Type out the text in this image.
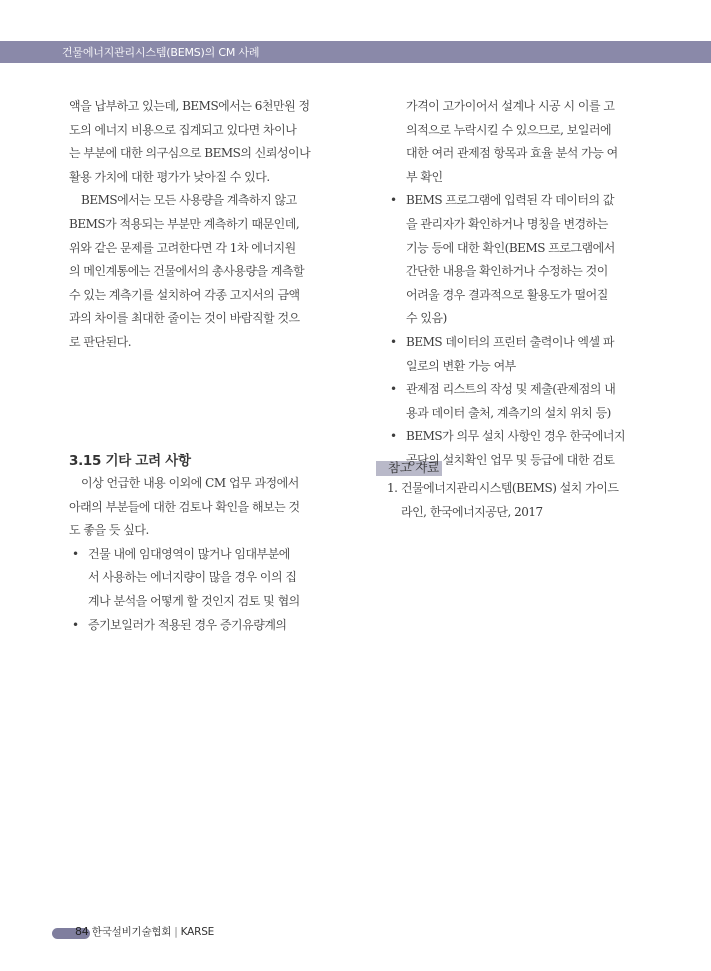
건물에너지관리시스템(BEMS)의 CM 사례

액을 납부하고 있는데, BEMS에서는 6천만원 정
도의 에너지 비용으로 집계되고 있다면 차이나
는 부분에 대한 의구심으로 BEMS의 신뢰성이나
활용 가치에 대한 평가가 낮아질 수 있다.

BEMS에서는 모든 사용량을 계측하지 않고
BEMS가 적용되는 부분만 계측하기 때문인데,
위와 같은 문제를 고려한다면 각 1차 에너지원
의 메인계통에는 건물에서의 총사용량을 계측할
수 있는 계측기를 설치하여 각종 고지서의 금액
과의 차이를 최대한 줄이는 것이 바람직할 것으
로 판단된다.

3.15 기타 고려 사항

이상 언급한 내용 이외에 CM 업무 과정에서
아래의 부분들에 대한 검토나 확인을 해보는 것
도 좋을 듯 싶다.

• 건물 내에 임대영역이 많거나 임대부분에
서 사용하는 에너지량이 많을 경우 이의 집
계나 분석을 어떻게 할 것인지 검토 및 협의
• 증기보일러가 적용된 경우 증기유량계의

가격이 고가이어서 설계나 시공 시 이를 고
의적으로 누락시킬 수 있으므로, 보일러에
대한 여러 관제점 항목과 효율 분석 가능 여
부 확인

• BEMS 프로그램에 입력된 각 데이터의 값
을 관리자가 확인하거나 명칭을 변경하는
기능 등에 대한 확인(BEMS 프로그램에서
간단한 내용을 확인하거나 수정하는 것이
어려울 경우 결과적으로 활용도가 떨어질
수 있음)
• BEMS 데이터의 프린터 출력이나 엑셀 파
일로의 변환 가능 여부
• 관제점 리스트의 작성 및 제출(관제점의 내
용과 데이터 출처, 계측기의 설치 위치 등)
• BEMS가 의무 설치 사항인 경우 한국에너지
공단의 설치확인 업무 및 등급에 대한 검토
참고 자료
1. 건물에너지관리시스템(BEMS) 설치 가이드
라인, 한국에너지공단, 2017
84 한국설비기술협회 | KARSE
